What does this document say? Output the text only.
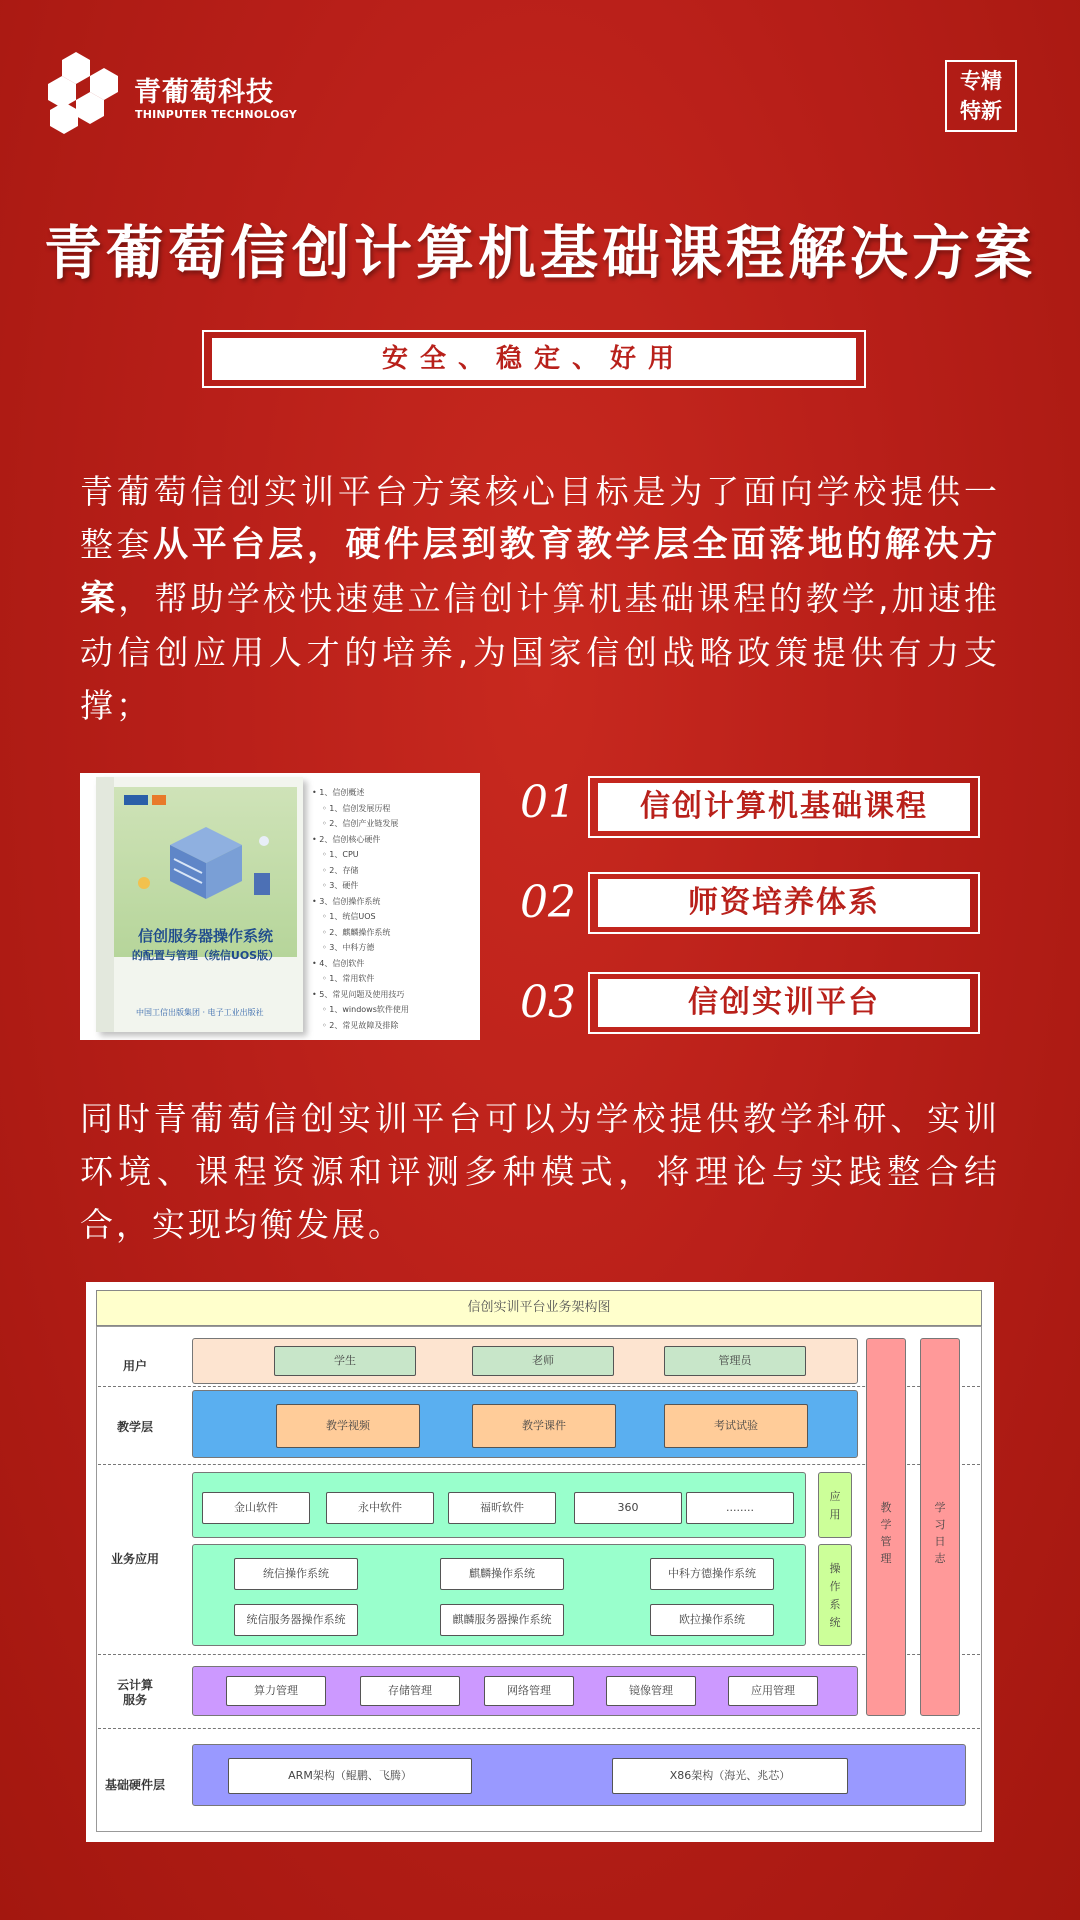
青葡萄科技
THINPUTER TECHNOLOGY
专精
特新
青葡萄信创计算机基础课程解决方案
安全、稳定、好用
青葡萄信创实训平台方案核心目标是为了面向学校提供一整套从平台层，硬件层到教育教学层全面落地的解决方案，帮助学校快速建立信创计算机基础课程的教学,加速推动信创应用人才的培养,为国家信创战略政策提供有力支撑；
信创服务器操作系统
的配置与管理（统信UOS版）
中国工信出版集团 · 电子工业出版社
• 1、信创概述
◦ 1、信创发展历程
◦ 2、信创产业链发展
• 2、信创核心硬件
◦ 1、CPU
◦ 2、存储
◦ 3、硬件
• 3、信创操作系统
◦ 1、统信UOS
◦ 2、麒麟操作系统
◦ 3、中科方德
• 4、信创软件
◦ 1、常用软件
• 5、常见问题及使用技巧
◦ 1、windows软件使用
◦ 2、常见故障及排除
01	信创计算机基础课程
02	师资培养体系
03	信创实训平台
同时青葡萄信创实训平台可以为学校提供教学科研、实训环境、课程资源和评测多种模式，将理论与实践整合结合，实现均衡发展。
信创实训平台业务架构图
用户
教学层
业务应用
云计算
服务
基础硬件层
学生	老师	管理员
教学视频	教学课件	考试试验
金山软件	永中软件	福昕软件	360	........
应
用
统信操作系统	麒麟操作系统	中科方德操作系统
统信服务器操作系统	麒麟服务器操作系统	欧拉操作系统
操
作
系
统
算力管理	存储管理	网络管理	镜像管理	应用管理
ARM架构（鲲鹏、飞腾）	X86架构（海光、兆芯）
教
学
管
理
学
习
日
志
